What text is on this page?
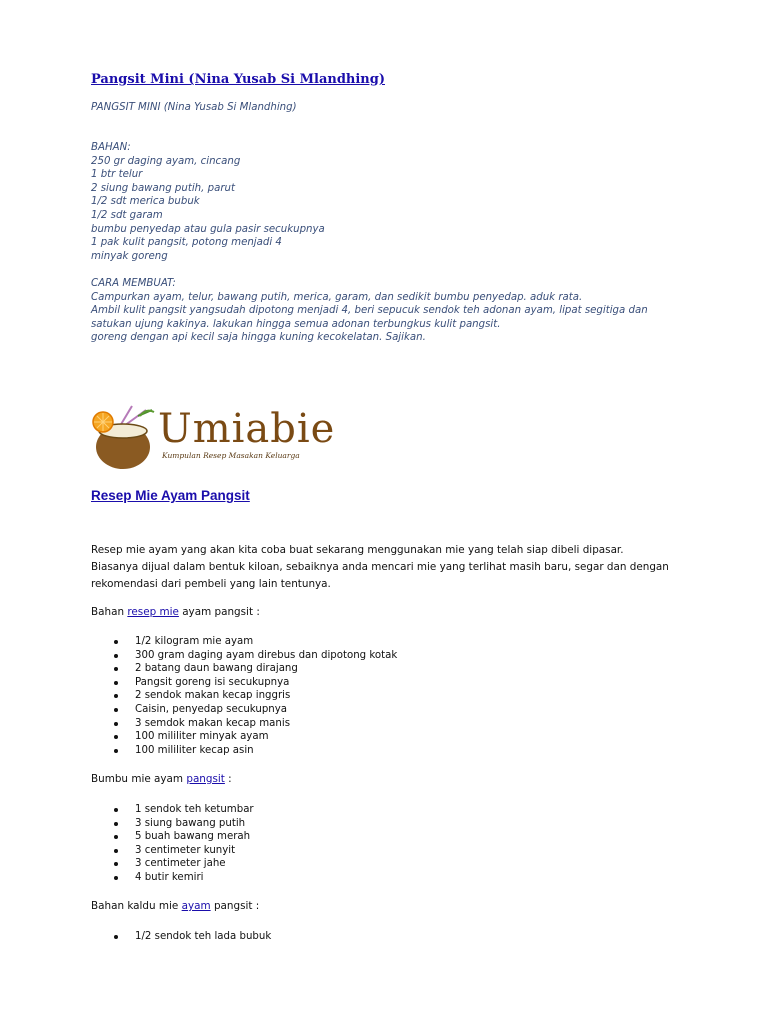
Pangsit Mini (Nina Yusab Si Mlandhing)
PANGSIT MINI (Nina Yusab Si Mlandhing)
BAHAN:
250 gr daging ayam, cincang
1 btr telur
2 siung bawang putih, parut
1/2 sdt merica bubuk
1/2 sdt garam
bumbu penyedap atau gula pasir secukupnya
1 pak kulit pangsit, potong menjadi 4
minyak goreng
CARA MEMBUAT:
Campurkan ayam, telur, bawang putih, merica, garam, dan sedikit bumbu penyedap. aduk rata.
Ambil kulit pangsit yangsudah dipotong menjadi 4, beri sepucuk sendok teh adonan ayam, lipat segitiga dan satukan ujung kakinya. lakukan hingga semua adonan terbungkus kulit pangsit.
goreng dengan api kecil saja hingga kuning kecokelatan. Sajikan.
Umiabie
Kumpulan Resep Masakan Keluarga
Resep Mie Ayam Pangsit
Resep mie ayam yang akan kita coba buat sekarang menggunakan mie yang telah siap dibeli dipasar. Biasanya dijual dalam bentuk kiloan, sebaiknya anda mencari mie yang terlihat masih baru, segar dan dengan rekomendasi dari pembeli yang lain tentunya.
Bahan resep mie ayam pangsit :
1/2 kilogram mie ayam
300 gram daging ayam direbus dan dipotong kotak
2 batang daun bawang dirajang
Pangsit goreng isi secukupnya
2 sendok makan kecap inggris
Caisin, penyedap secukupnya
3 semdok makan kecap manis
100 mililiter minyak ayam
100 mililiter kecap asin
Bumbu mie ayam pangsit :
1 sendok teh ketumbar
3 siung bawang putih
5 buah bawang merah
3 centimeter kunyit
3 centimeter jahe
4 butir kemiri
Bahan kaldu mie ayam pangsit :
1/2 sendok teh lada bubuk
